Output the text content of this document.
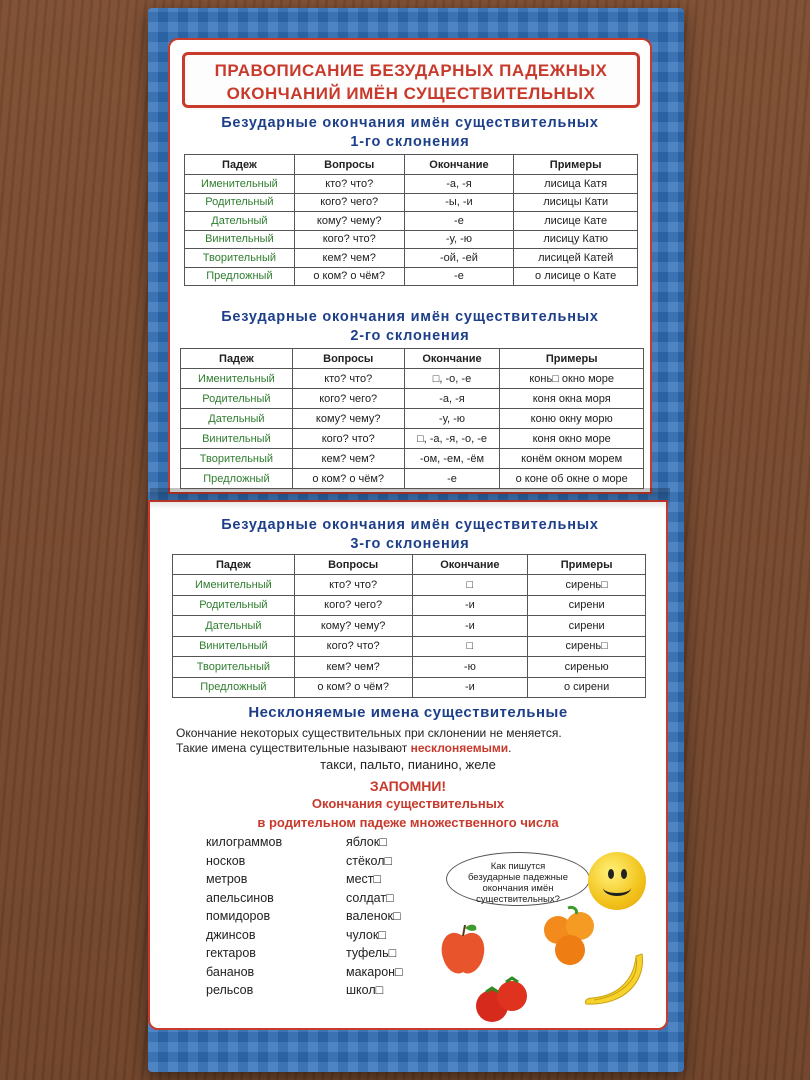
ПРАВОПИСАНИЕ БЕЗУДАРНЫХ ПАДЕЖНЫХ
ОКОНЧАНИЙ ИМЁН СУЩЕСТВИТЕЛЬНЫХ
Безударные окончания имён существительных
1-го склонения
Падеж	Вопросы	Окончание	Примеры
Именительный	кто? что?	-а, -я	лисица Катя
Родительный	кого? чего?	-ы, -и	лисицы Кати
Дательный	кому? чему?	-е	лисице Кате
Винительный	кого? что?	-у, -ю	лисицу Катю
Творительный	кем? чем?	-ой, -ей	лисицей Катей
Предложный	о ком? о чём?	-е	о лисице о Кате
Безударные окончания имён существительных
2-го склонения
Падеж	Вопросы	Окончание	Примеры
Именительный	кто? что?	□, -о, -е	конь□ окно море
Родительный	кого? чего?	-а, -я	коня окна моря
Дательный	кому? чему?	-у, -ю	коню окну морю
Винительный	кого? что?	□, -а, -я, -о, -е	коня окно море
Творительный	кем? чем?	-ом, -ем, -ём	конём окном морем
Предложный	о ком? о чём?	-е	о коне об окне о море
Безударные окончания имён существительных
3-го склонения
Падеж	Вопросы	Окончание	Примеры
Именительный	кто? что?	□	сирень□
Родительный	кого? чего?	-и	сирени
Дательный	кому? чему?	-и	сирени
Винительный	кого? что?	□	сирень□
Творительный	кем? чем?	-ю	сиренью
Предложный	о ком? о чём?	-и	о сирени
Несклоняемые имена существительные
Окончание некоторых существительных при склонении не меняется.
Такие имена существительные называют несклоняемыми.
такси, пальто, пианино, желе
ЗАПОМНИ!
Окончания существительных
в родительном падеже множественного числа
килограммов
носков
метров
апельсинов
помидоров
джинсов
гектаров
бананов
рельсов
яблок□
стёкол□
мест□
солдат□
валенок□
чулок□
туфель□
макарон□
школ□
Как пишутся
безударные падежные
окончания имён
существительных?
